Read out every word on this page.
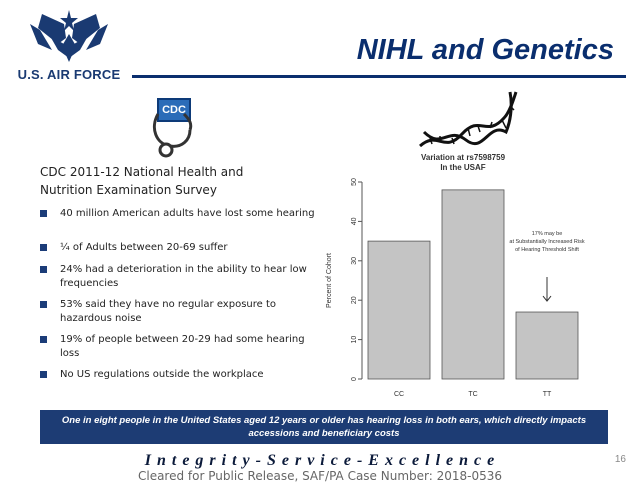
U.S. AIR FORCE
NIHL and Genetics
CDC
CDC 2011-12 National Health and Nutrition Examination Survey
40 million American adults have lost some hearing
¼ of Adults between 20-69 suffer
24% had a deterioration in the ability to hear low frequencies
53% said they have no regular exposure to hazardous noise
19% of people between 20-29 had some hearing loss
No US regulations outside the workplace
Variation at rs7598759 In the USAF
0
10
20
30
40
50
CC	TC	TT
Percent of Cohort
17% may be at Substantially Increased Risk of Hearing Threshold Shift
One in eight people in the United States aged 12 years or older has hearing loss in both ears, which directly impacts accessions and beneficiary costs
I n t e g r i t y - S e r v i c e - E x c e l l e n c e	16
Cleared for Public Release, SAF/PA Case Number: 2018-0536
